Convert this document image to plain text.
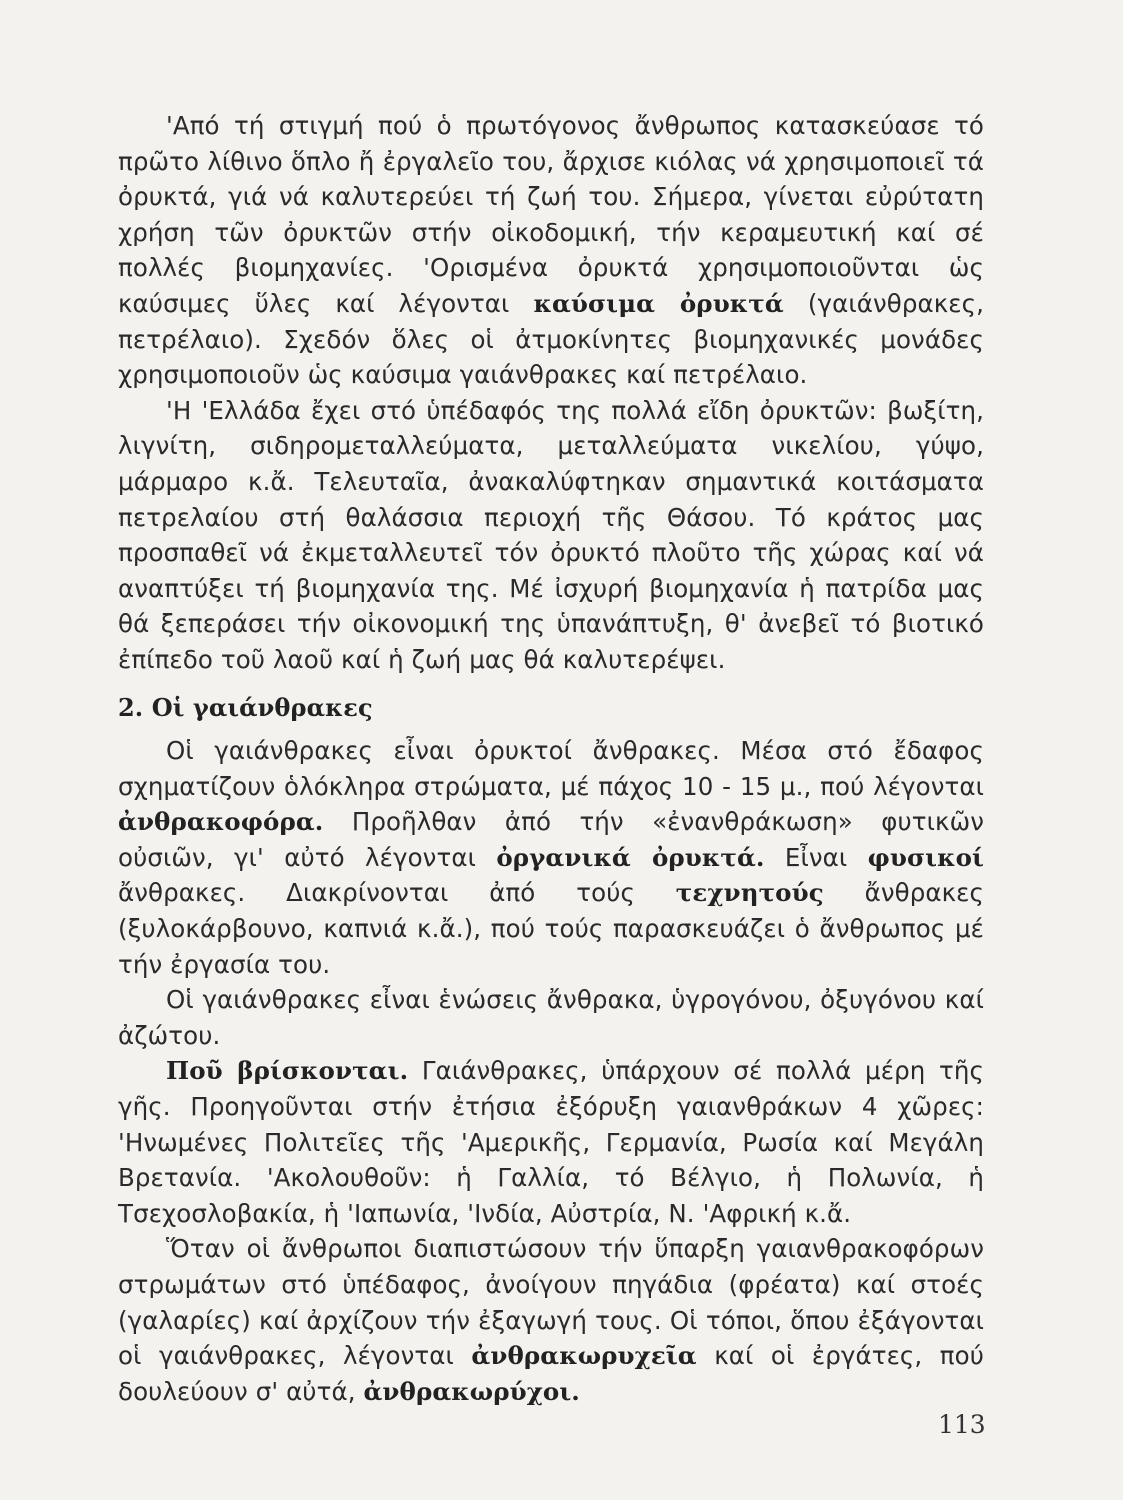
'Από τή στιγμή πού ὁ πρωτόγονος ἄνθρωπος κατασκεύασε τό πρῶτο λίθινο ὅπλο ἤ ἐργαλεῖο του, ἄρχισε κιόλας νά χρησιμοποιεῖ τά ὀρυκτά, γιά νά καλυτερεύει τή ζωή του. Σήμερα, γίνεται εὐρύτατη χρήση τῶν ὀρυκτῶν στήν οἰκοδομική, τήν κεραμευτική καί σέ πολλές βιομηχανίες. 'Ορισμένα ὀρυκτά χρησιμοποιοῦνται ὡς καύσιμες ὕλες καί λέγονται καύσιμα ὀρυκτά (γαιάνθρακες, πετρέλαιο). Σχεδόν ὅλες οἱ ἀτμοκίνητες βιομηχανικές μονάδες χρησιμοποιοῦν ὡς καύσιμα γαιάνθρακες καί πετρέλαιο.

'Η 'Ελλάδα ἔχει στό ὑπέδαφός της πολλά εἴδη ὀρυκτῶν: βωξίτη, λιγνίτη, σιδηρομεταλλεύματα, μεταλλεύματα νικελίου, γύψο, μάρμαρο κ.ἄ. Τελευταῖα, ἀνακαλύφτηκαν σημαντικά κοιτάσματα πετρελαίου στή θαλάσσια περιοχή τῆς Θάσου. Τό κράτος μας προσπαθεῖ νά ἐκμεταλλευτεῖ τόν ὀρυκτό πλοῦτο τῆς χώρας καί νά αναπτύξει τή βιομηχανία της. Μέ ἰσχυρή βιομηχανία ἡ πατρίδα μας θά ξεπεράσει τήν οἰκονομική της ὑπανάπτυξη, θ' ἀνεβεῖ τό βιοτικό ἐπίπεδο τοῦ λαοῦ καί ἡ ζωή μας θά καλυτερέψει.

2. Οἱ γαιάνθρακες

Οἱ γαιάνθρακες εἶναι ὀρυκτοί ἄνθρακες. Μέσα στό ἔδαφος σχηματίζουν ὁλόκληρα στρώματα, μέ πάχος 10 - 15 μ., πού λέγονται ἀνθρακοφόρα. Προῆλθαν ἀπό τήν «ἐνανθράκωση» φυτικῶν οὐσιῶν, γι' αὐτό λέγονται ὀργανικά ὀρυκτά. Εἶναι φυσικοί ἄνθρακες. Διακρίνονται ἀπό τούς τεχνητούς ἄνθρακες (ξυλοκάρβουνο, καπνιά κ.ἄ.), πού τούς παρασκευάζει ὁ ἄνθρωπος μέ τήν ἐργασία του.

Οἱ γαιάνθρακες εἶναι ἑνώσεις ἄνθρακα, ὑγρογόνου, ὀξυγόνου καί ἀζώτου.

Ποῦ βρίσκονται. Γαιάνθρακες, ὑπάρχουν σέ πολλά μέρη τῆς γῆς. Προηγοῦνται στήν ἐτήσια ἐξόρυξη γαιανθράκων 4 χῶρες: 'Ηνωμένες Πολιτεῖες τῆς 'Αμερικῆς, Γερμανία, Ρωσία καί Μεγάλη Βρετανία. 'Ακολουθοῦν: ἡ Γαλλία, τό Βέλγιο, ἡ Πολωνία, ἡ Τσεχοσλοβακία, ἡ 'Ιαπωνία, 'Ινδία, Αὐστρία, Ν. 'Αφρική κ.ἄ.

Ὅταν οἱ ἄνθρωποι διαπιστώσουν τήν ὕπαρξη γαιανθρακοφόρων στρωμάτων στό ὑπέδαφος, ἀνοίγουν πηγάδια (φρέατα) καί στοές (γαλαρίες) καί ἀρχίζουν τήν ἐξαγωγή τους. Οἱ τόποι, ὅπου ἐξάγονται οἱ γαιάνθρακες, λέγονται ἀνθρακωρυχεῖα καί οἱ ἐργάτες, πού δουλεύουν σ' αὐτά, ἀνθρακωρύχοι.

113
